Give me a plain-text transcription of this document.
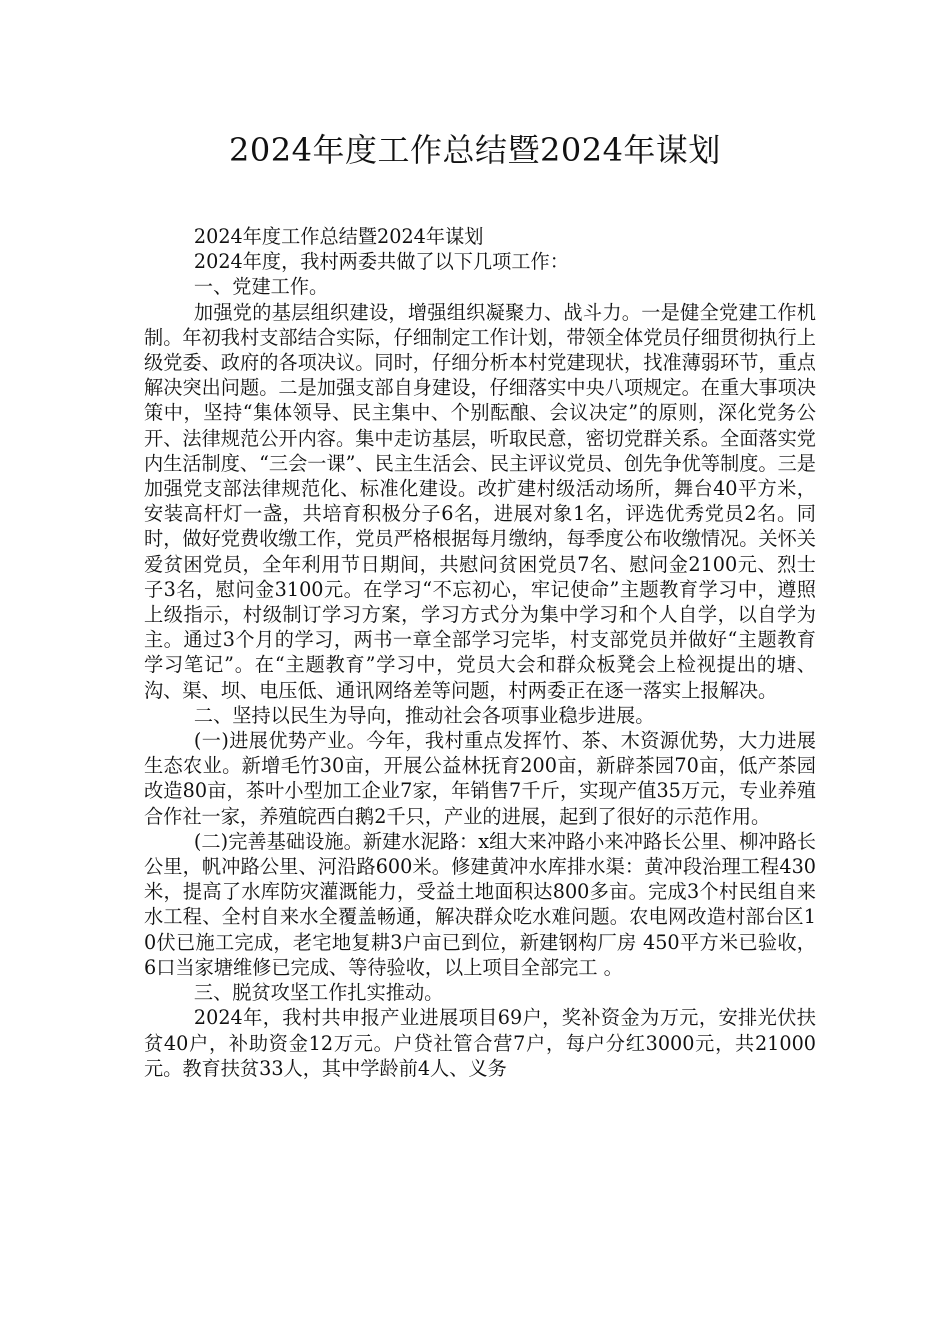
2024年度工作总结暨2024年谋划

2024年度工作总结暨2024年谋划

2024年度，我村两委共做了以下几项工作：

一、党建工作。

加强党的基层组织建设，增强组织凝聚力、战斗力。一是健全党建工作机制。年初我村支部结合实际，仔细制定工作计划，带领全体党员仔细贯彻执行上级党委、政府的各项决议。同时，仔细分析本村党建现状，找准薄弱环节，重点解决突出问题。二是加强支部自身建设，仔细落实中央八项规定。在重大事项决策中，坚持“集体领导、民主集中、个别酝酿、会议决定”的原则，深化党务公开、法律规范公开内容。集中走访基层，听取民意，密切党群关系。全面落实党内生活制度、“三会一课”、民主生活会、民主评议党员、创先争优等制度。三是加强党支部法律规范化、标准化建设。改扩建村级活动场所，舞台40平方米，安装高杆灯一盏，共培育积极分子6名，进展对象1名，评选优秀党员2名。同时，做好党费收缴工作，党员严格根据每月缴纳，每季度公布收缴情况。关怀关爱贫困党员，全年利用节日期间，共慰问贫困党员7名、慰问金2100元、烈士子3名，慰问金3100元。在学习“不忘初心，牢记使命”主题教育学习中，遵照上级指示，村级制订学习方案，学习方式分为集中学习和个人自学，以自学为主。通过3个月的学习，两书一章全部学习完毕，村支部党员并做好“主题教育学习笔记”。在“主题教育”学习中，党员大会和群众板凳会上检视提出的塘、沟、渠、坝、电压低、通讯网络差等问题，村两委正在逐一落实上报解决。

二、坚持以民生为导向，推动社会各项事业稳步进展。

(一)进展优势产业。今年，我村重点发挥竹、茶、木资源优势，大力进展生态农业。新增毛竹30亩，开展公益林抚育200亩，新辟茶园70亩，低产茶园改造80亩，茶叶小型加工企业7家，年销售7千斤，实现产值35万元，专业养殖合作社一家，养殖皖西白鹅2千只，产业的进展，起到了很好的示范作用。

(二)完善基础设施。新建水泥路：x组大来冲路小来冲路长公里、柳冲路长公里，帆冲路公里、河沿路600米。修建黄冲水库排水渠：黄冲段治理工程430米，提高了水库防灾灌溉能力，受益土地面积达800多亩。完成3个村民组自来水工程、全村自来水全覆盖畅通，解决群众吃水难问题。农电网改造村部台区10伏已施工完成，老宅地复耕3户亩已到位，新建钢构厂房 450平方米已验收，6口当家塘维修已完成、等待验收，以上项目全部完工 。

三、脱贫攻坚工作扎实推动。

2024年，我村共申报产业进展项目69户，奖补资金为万元，安排光伏扶贫40户，补助资金12万元。户贷社管合营7户，每户分红3000元，共21000元。教育扶贫33人，其中学龄前4人、义务
